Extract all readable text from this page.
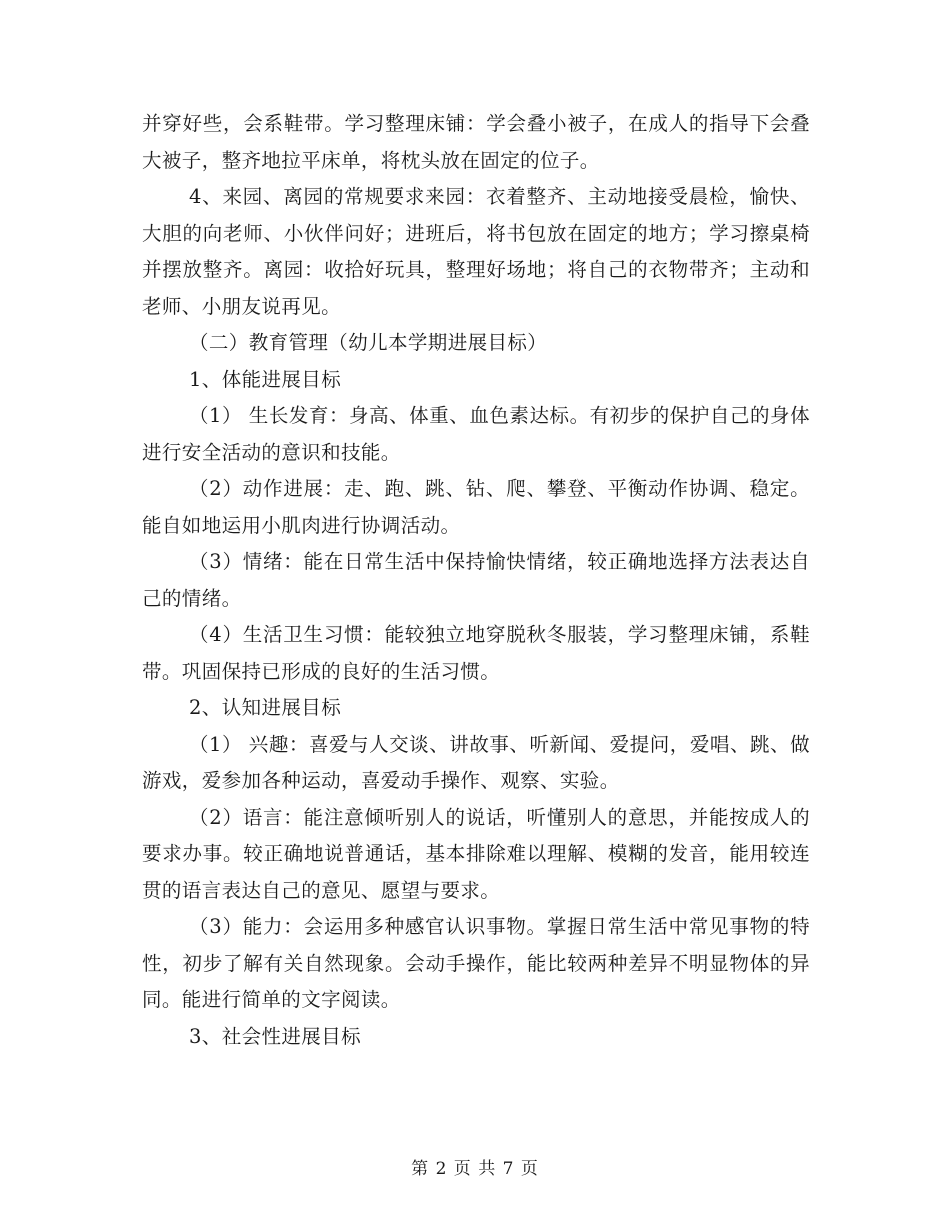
并穿好些，会系鞋带。学习整理床铺：学会叠小被子，在成人的指导下会叠大被子，整齐地拉平床单，将枕头放在固定的位子。

4、来园、离园的常规要求来园：衣着整齐、主动地接受晨检，愉快、大胆的向老师、小伙伴问好；进班后，将书包放在固定的地方；学习擦桌椅并摆放整齐。离园：收拾好玩具，整理好场地；将自己的衣物带齐；主动和老师、小朋友说再见。

（二）教育管理（幼儿本学期进展目标）

1、体能进展目标

（1） 生长发育：身高、体重、血色素达标。有初步的保护自己的身体进行安全活动的意识和技能。

（2）动作进展：走、跑、跳、钻、爬、攀登、平衡动作协调、稳定。能自如地运用小肌肉进行协调活动。

（3）情绪：能在日常生活中保持愉快情绪，较正确地选择方法表达自己的情绪。

（4）生活卫生习惯：能较独立地穿脱秋冬服装，学习整理床铺，系鞋带。巩固保持已形成的良好的生活习惯。

2、认知进展目标

（1） 兴趣：喜爱与人交谈、讲故事、听新闻、爱提问，爱唱、跳、做游戏，爱参加各种运动，喜爱动手操作、观察、实验。

（2）语言：能注意倾听别人的说话，听懂别人的意思，并能按成人的要求办事。较正确地说普通话，基本排除难以理解、模糊的发音，能用较连贯的语言表达自己的意见、愿望与要求。

（3）能力：会运用多种感官认识事物。掌握日常生活中常见事物的特性，初步了解有关自然现象。会动手操作，能比较两种差异不明显物体的异同。能进行简单的文字阅读。

3、社会性进展目标

第 2 页 共 7 页
